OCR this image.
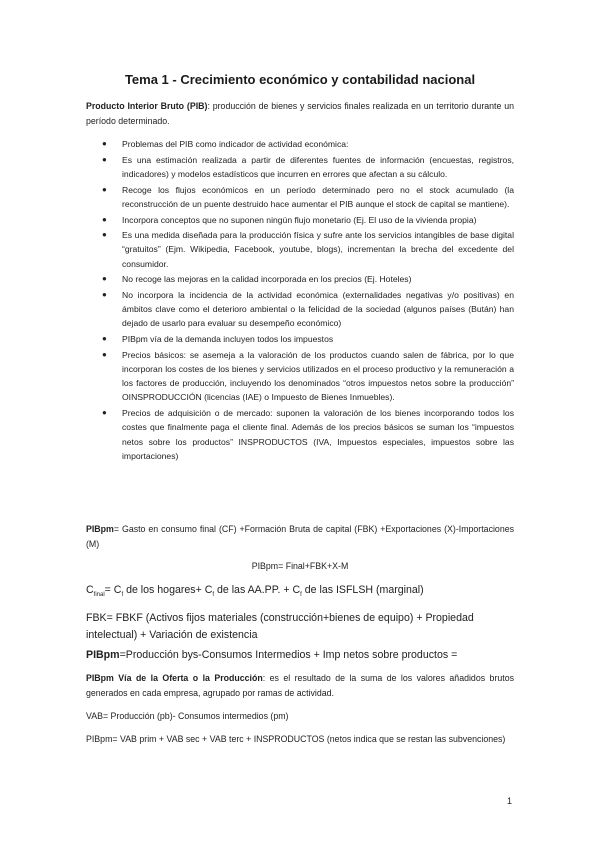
Tema 1 - Crecimiento económico y contabilidad nacional
Producto Interior Bruto (PIB): producción de bienes y servicios finales realizada en un territorio durante un período determinado.
● Problemas del PIB como indicador de actividad económica:
● Es una estimación realizada a partir de diferentes fuentes de información (encuestas, registros, indicadores) y modelos estadísticos que incurren en errores que afectan a su cálculo.
● Recoge los flujos económicos en un período determinado pero no el stock acumulado (la reconstrucción de un puente destruido hace aumentar el PIB aunque el stock de capital se mantiene).
● Incorpora conceptos que no suponen ningún flujo monetario (Ej. El uso de la vivienda propia)
● Es una medida diseñada para la producción física y sufre ante los servicios intangibles de base digital “gratuitos” (Ejm. Wikipedia, Facebook, youtube, blogs), incrementan la brecha del excedente del consumidor.
● No recoge las mejoras en la calidad incorporada en los precios (Ej. Hoteles)
● No incorpora la incidencia de la actividad económica (externalidades negativas y/o positivas) en ámbitos clave como el deterioro ambiental o la felicidad de la sociedad (algunos países (Bután) han dejado de usarlo para evaluar su desempeño económico)
● PIBpm vía de la demanda incluyen todos los impuestos
● Precios básicos: se asemeja a la valoración de los productos cuando salen de fábrica, por lo que incorporan los costes de los bienes y servicios utilizados en el proceso productivo y la remuneración a los factores de producción, incluyendo los denominados “otros impuestos netos sobre la producción” OINSPRODUCCIÓN (licencias (IAE) o Impuesto de Bienes Inmuebles).
● Precios de adquisición o de mercado: suponen la valoración de los bienes incorporando todos los costes que finalmente paga el cliente final. Además de los precios básicos se suman los “impuestos netos sobre los productos” INSPRODUCTOS (IVA, Impuestos especiales, impuestos sobre las importaciones)
PIBpm= Gasto en consumo final (CF) +Formación Bruta de capital (FBK) +Exportaciones (X)-Importaciones (M)
PIBpm= Final+FBK+X-M
$C_{final}= C_f$ de los hogares+ $C_f$ de las AA.PP. + $C_f$ de las ISFLSH (marginal)
FBK= FBKF (Activos fijos materiales (construcción+bienes de equipo) + Propiedad intelectual) + Variación de existencia
PIBpm=Producción bys-Consumos Intermedios + Imp netos sobre productos =
PIBpm Vía de la Oferta o la Producción: es el resultado de la suma de los valores añadidos brutos generados en cada empresa, agrupado por ramas de actividad.
VAB= Producción (pb)- Consumos intermedios (pm)
PIBpm= VAB prim + VAB sec + VAB terc + INSPRODUCTOS (netos indica que se restan las subvenciones)
1
